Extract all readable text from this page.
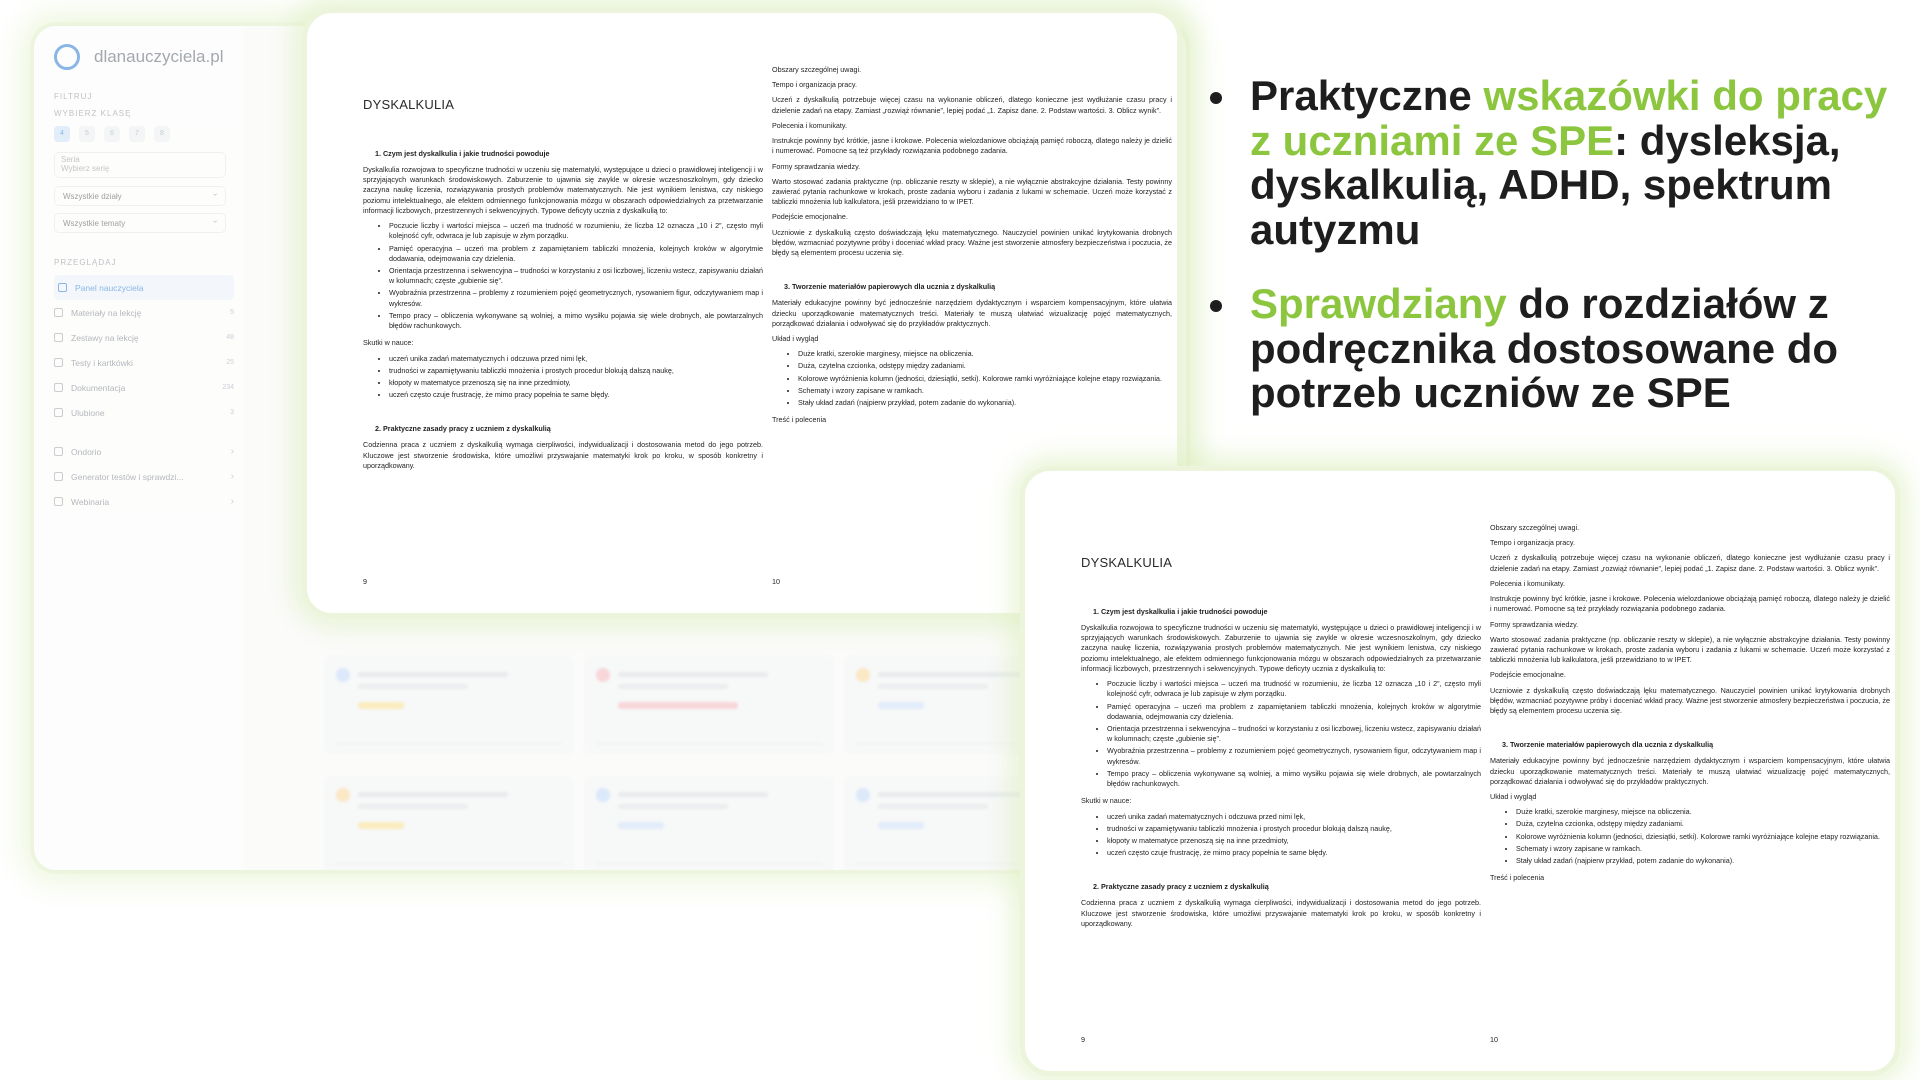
dlanauczyciela.pl
FILTRUJ
WYBIERZ KLASĘ
4	5	6	7	8
Seria
Wybierz serię
Wszystkie działy ›
Wszystkie tematy ›
PRZEGLĄDAJ
Panel nauczyciela
Materiały na lekcję	5
Zestawy na lekcję	48
Testy i kartkówki	25
Dokumentacja	234
Ulubione	3
Ondorio	›
Generator testów i sprawdzi...	›
Webinaria	›
DYSKALKULIA
1. Czym jest dyskalkulia i jakie trudności powoduje

Dyskalkulia rozwojowa to specyficzne trudności w uczeniu się matematyki, występujące u dzieci o prawidłowej inteligencji i w sprzyjających warunkach środowiskowych. Zaburzenie to ujawnia się zwykle w okresie wczesnoszkolnym, gdy dziecko zaczyna naukę liczenia, rozwiązywania prostych problemów matematycznych. Nie jest wynikiem lenistwa, czy niskiego poziomu intelektualnego, ale efektem odmiennego funkcjonowania mózgu w obszarach odpowiedzialnych za przetwarzanie informacji liczbowych, przestrzennych i sekwencyjnych. Typowe deficyty ucznia z dyskalkulią to:

• Poczucie liczby i wartości miejsca – uczeń ma trudność w rozumieniu, że liczba 12 oznacza „10 i 2”, często myli kolejność cyfr, odwraca je lub zapisuje w złym porządku.
• Pamięć operacyjna – uczeń ma problem z zapamiętaniem tabliczki mnożenia, kolejnych kroków w algorytmie dodawania, odejmowania czy dzielenia.
• Orientacja przestrzenna i sekwencyjna – trudności w korzystaniu z osi liczbowej, liczeniu wstecz, zapisywaniu działań w kolumnach; częste „gubienie się”.
• Wyobraźnia przestrzenna – problemy z rozumieniem pojęć geometrycznych, rysowaniem figur, odczytywaniem map i wykresów.
• Tempo pracy – obliczenia wykonywane są wolniej, a mimo wysiłku pojawia się wiele drobnych, ale powtarzalnych błędów rachunkowych.

Skutki w nauce:

• uczeń unika zadań matematycznych i odczuwa przed nimi lęk,
• trudności w zapamiętywaniu tabliczki mnożenia i prostych procedur blokują dalszą naukę,
• kłopoty w matematyce przenoszą się na inne przedmioty,
• uczeń często czuje frustrację, że mimo pracy popełnia te same błędy.
2. Praktyczne zasady pracy z uczniem z dyskalkulią

Codzienna praca z uczniem z dyskalkulią wymaga cierpliwości, indywidualizacji i dostosowania metod do jego potrzeb. Kluczowe jest stworzenie środowiska, które umożliwi przyswajanie matematyki krok po kroku, w sposób konkretny i uporządkowany.

9

Obszary szczególnej uwagi.

Tempo i organizacja pracy.

Uczeń z dyskalkulią potrzebuje więcej czasu na wykonanie obliczeń, dlatego konieczne jest wydłużanie czasu pracy i dzielenie zadań na etapy. Zamiast „rozwiąż równanie”, lepiej podać „1. Zapisz dane. 2. Podstaw wartości. 3. Oblicz wynik”.

Polecenia i komunikaty.

Instrukcje powinny być krótkie, jasne i krokowe. Polecenia wielozdaniowe obciążają pamięć roboczą, dlatego należy je dzielić i numerować. Pomocne są też przykłady rozwiązania podobnego zadania.

Formy sprawdzania wiedzy.

Warto stosować zadania praktyczne (np. obliczanie reszty w sklepie), a nie wyłącznie abstrakcyjne działania. Testy powinny zawierać pytania rachunkowe w krokach, proste zadania wyboru i zadania z lukami w schemacie. Uczeń może korzystać z tabliczki mnożenia lub kalkulatora, jeśli przewidziano to w IPET.

Podejście emocjonalne.

Uczniowie z dyskalkulią często doświadczają lęku matematycznego. Nauczyciel powinien unikać krytykowania drobnych błędów, wzmacniać pozytywne próby i doceniać wkład pracy. Ważne jest stworzenie atmosfery bezpieczeństwa i poczucia, że błędy są elementem procesu uczenia się.

3. Tworzenie materiałów papierowych dla ucznia z dyskalkulią

Materiały edukacyjne powinny być jednocześnie narzędziem dydaktycznym i wsparciem kompensacyjnym, które ułatwia dziecku uporządkowanie matematycznych treści. Materiały te muszą ułatwiać wizualizację pojęć matematycznych, porządkować działania i odwoływać się do przykładów praktycznych.

Układ i wygląd

• Duże kratki, szerokie marginesy, miejsce na obliczenia.
• Duża, czytelna czcionka, odstępy między zadaniami.
• Kolorowe wyróżnienia kolumn (jedności, dziesiątki, setki). Kolorowe ramki wyróżniające kolejne etapy rozwiązania.
• Schematy i wzory zapisane w ramkach.
• Stały układ zadań (najpierw przykład, potem zadanie do wykonania).

Treść i polecenia

10
DYSKALKULIA
1. Czym jest dyskalkulia i jakie trudności powoduje

Dyskalkulia rozwojowa to specyficzne trudności w uczeniu się matematyki, występujące u dzieci o prawidłowej inteligencji i w sprzyjających warunkach środowiskowych. Zaburzenie to ujawnia się zwykle w okresie wczesnoszkolnym, gdy dziecko zaczyna naukę liczenia, rozwiązywania prostych problemów matematycznych. Nie jest wynikiem lenistwa, czy niskiego poziomu intelektualnego, ale efektem odmiennego funkcjonowania mózgu w obszarach odpowiedzialnych za przetwarzanie informacji liczbowych, przestrzennych i sekwencyjnych. Typowe deficyty ucznia z dyskalkulią to:

• Poczucie liczby i wartości miejsca – uczeń ma trudność w rozumieniu, że liczba 12 oznacza „10 i 2”, często myli kolejność cyfr, odwraca je lub zapisuje w złym porządku.
• Pamięć operacyjna – uczeń ma problem z zapamiętaniem tabliczki mnożenia, kolejnych kroków w algorytmie dodawania, odejmowania czy dzielenia.
• Orientacja przestrzenna i sekwencyjna – trudności w korzystaniu z osi liczbowej, liczeniu wstecz, zapisywaniu działań w kolumnach; częste „gubienie się”.
• Wyobraźnia przestrzenna – problemy z rozumieniem pojęć geometrycznych, rysowaniem figur, odczytywaniem map i wykresów.
• Tempo pracy – obliczenia wykonywane są wolniej, a mimo wysiłku pojawia się wiele drobnych, ale powtarzalnych błędów rachunkowych.

Skutki w nauce:

• uczeń unika zadań matematycznych i odczuwa przed nimi lęk,
• trudności w zapamiętywaniu tabliczki mnożenia i prostych procedur blokują dalszą naukę,
• kłopoty w matematyce przenoszą się na inne przedmioty,
• uczeń często czuje frustrację, że mimo pracy popełnia te same błędy.
2. Praktyczne zasady pracy z uczniem z dyskalkulią

Codzienna praca z uczniem z dyskalkulią wymaga cierpliwości, indywidualizacji i dostosowania metod do jego potrzeb. Kluczowe jest stworzenie środowiska, które umożliwi przyswajanie matematyki krok po kroku, w sposób konkretny i uporządkowany.

9

Obszary szczególnej uwagi.

Tempo i organizacja pracy.

Uczeń z dyskalkulią potrzebuje więcej czasu na wykonanie obliczeń, dlatego konieczne jest wydłużanie czasu pracy i dzielenie zadań na etapy. Zamiast „rozwiąż równanie”, lepiej podać „1. Zapisz dane. 2. Podstaw wartości. 3. Oblicz wynik”.

Polecenia i komunikaty.

Instrukcje powinny być krótkie, jasne i krokowe. Polecenia wielozdaniowe obciążają pamięć roboczą, dlatego należy je dzielić i numerować. Pomocne są też przykłady rozwiązania podobnego zadania.

Formy sprawdzania wiedzy.

Warto stosować zadania praktyczne (np. obliczanie reszty w sklepie), a nie wyłącznie abstrakcyjne działania. Testy powinny zawierać pytania rachunkowe w krokach, proste zadania wyboru i zadania z lukami w schemacie. Uczeń może korzystać z tabliczki mnożenia lub kalkulatora, jeśli przewidziano to w IPET.

Podejście emocjonalne.

Uczniowie z dyskalkulią często doświadczają lęku matematycznego. Nauczyciel powinien unikać krytykowania drobnych błędów, wzmacniać pozytywne próby i doceniać wkład pracy. Ważne jest stworzenie atmosfery bezpieczeństwa i poczucia, że błędy są elementem procesu uczenia się.

3. Tworzenie materiałów papierowych dla ucznia z dyskalkulią

Materiały edukacyjne powinny być jednocześnie narzędziem dydaktycznym i wsparciem kompensacyjnym, które ułatwia dziecku uporządkowanie matematycznych treści. Materiały te muszą ułatwiać wizualizację pojęć matematycznych, porządkować działania i odwoływać się do przykładów praktycznych.

Układ i wygląd

• Duże kratki, szerokie marginesy, miejsce na obliczenia.
• Duża, czytelna czcionka, odstępy między zadaniami.
• Kolorowe wyróżnienia kolumn (jedności, dziesiątki, setki). Kolorowe ramki wyróżniające kolejne etapy rozwiązania.
• Schematy i wzory zapisane w ramkach.
• Stały układ zadań (najpierw przykład, potem zadanie do wykonania).

Treść i polecenia

10
Praktyczne wskazówki do pracy z uczniami ze SPE: dysleksja, dyskalkulią, ADHD, spektrum autyzmu
Sprawdziany do rozdziałów z podręcznika dostosowane do potrzeb uczniów ze SPE
